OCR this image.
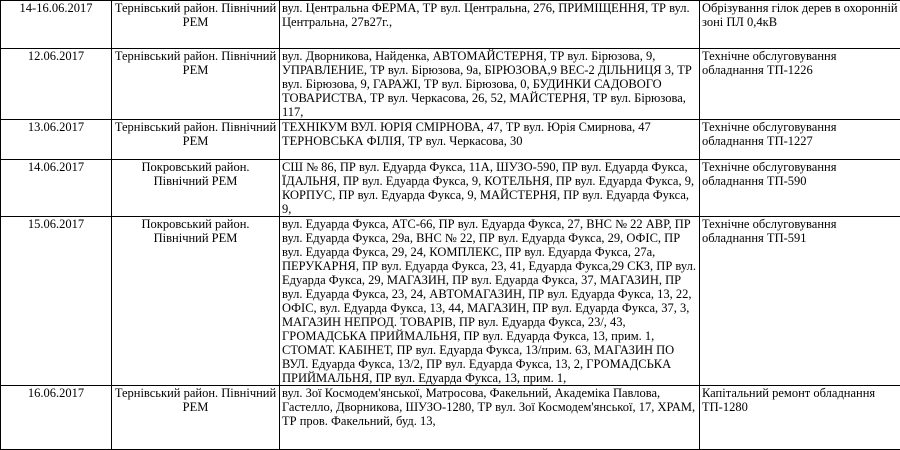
14-16.06.2017	Тернівський район. Північний РЕМ	вул. Центральна ФЕРМА, ТР вул. Центральна, 276, ПРИМІЩЕННЯ, ТР вул. Центральна, 27в27г.,	Обрізування гілок дерев в охоронній зоні ПЛ 0,4кВ
12.06.2017	Тернівський район. Північний РЕМ	вул. Дворникова, Найденка, АВТОМАЙСТЕРНЯ, ТР вул. Бірюзова, 9, УПРАВЛЕНИЕ, ТР вул. Бірюзова, 9а, БІРЮЗОВА,9 ВЕС-2 ДІЛЬНИЦЯ 3, ТР вул. Бірюзова, 9, ГАРАЖІ, ТР вул. Бірюзова, 0, БУДИНКИ САДОВОГО ТОВАРИСТВА, ТР вул. Черкасова, 26, 52, МАЙСТЕРНЯ, ТР вул. Бірюзова, 117,	Технічне обслуговування обладнання ТП-1226
13.06.2017	Тернівський район. Північний РЕМ	ТЕХНІКУМ ВУЛ. ЮРІЯ СМІРНОВА, 47, ТР вул. Юрія Смирнова, 47 ТЕРНОВСЬКА ФІЛІЯ, ТР вул. Черкасова, 30	Технічне обслуговування обладнання ТП-1227
14.06.2017	Покровський район. Північний РЕМ	СШ № 86, ПР вул. Едуарда Фукса, 11А, ШУЗО-590, ПР вул. Едуарда Фукса, ЇДАЛЬНЯ, ПР вул. Едуарда Фукса, 9, КОТЕЛЬНЯ, ПР вул. Едуарда Фукса, 9, КОРПУС, ПР вул. Едуарда Фукса, 9, МАЙСТЕРНЯ, ПР вул. Едуарда Фукса, 9,	Технічне обслуговування обладнання ТП-590
15.06.2017	Покровський район. Північний РЕМ	вул. Едуарда Фукса, АТС-66, ПР вул. Едуарда Фукса, 27, ВНС № 22 АВР, ПР вул. Едуарда Фукса, 29а, ВНС № 22, ПР вул. Едуарда Фукса, 29, ОФІС, ПР вул. Едуарда Фукса, 29, 24, КОМПЛЕКС, ПР вул. Едуарда Фукса, 27а, ПЕРУКАРНЯ, ПР вул. Едуарда Фукса, 23, 41, Едуарда Фукса,29 СКЗ, ПР вул. Едуарда Фукса, 29, МАГАЗИН, ПР вул. Едуарда Фукса, 37, МАГАЗИН, ПР вул. Едуарда Фукса, 23, 24, АВТОМАГАЗИН, ПР вул. Едуарда Фукса, 13, 22, ОФІС, вул. Едуарда Фукса, 13, 44, МАГАЗИН, ПР вул. Едуарда Фукса, 37, 3, МАГАЗИН НЕПРОД. ТОВАРІВ, ПР вул. Едуарда Фукса, 23/, 43, ГРОМАДСЬКА ПРИЙМАЛЬНЯ, ПР вул. Едуарда Фукса, 13, прим. 1, СТОМАТ. КАБІНЕТ, ПР вул. Едуарда Фукса, 13/прим. 63, МАГАЗИН ПО ВУЛ. Едуарда Фукса, 13/2, ПР вул. Едуарда Фукса, 13, 2, ГРОМАДСЬКА ПРИЙМАЛЬНЯ, ПР вул. Едуарда Фукса, 13, прим. 1,	Технічне обслуговування обладнання ТП-591
16.06.2017	Тернівський район. Північний РЕМ	вул. Зої Космодем'янської, Матросова, Факельний, Академіка Павлова, Гастелло, Дворникова, ШУЗО-1280, ТР вул. Зої Космодем'янської, 17, ХРАМ, ТР пров. Факельний, буд. 13,	Капітальний ремонт обладнання ТП-1280
